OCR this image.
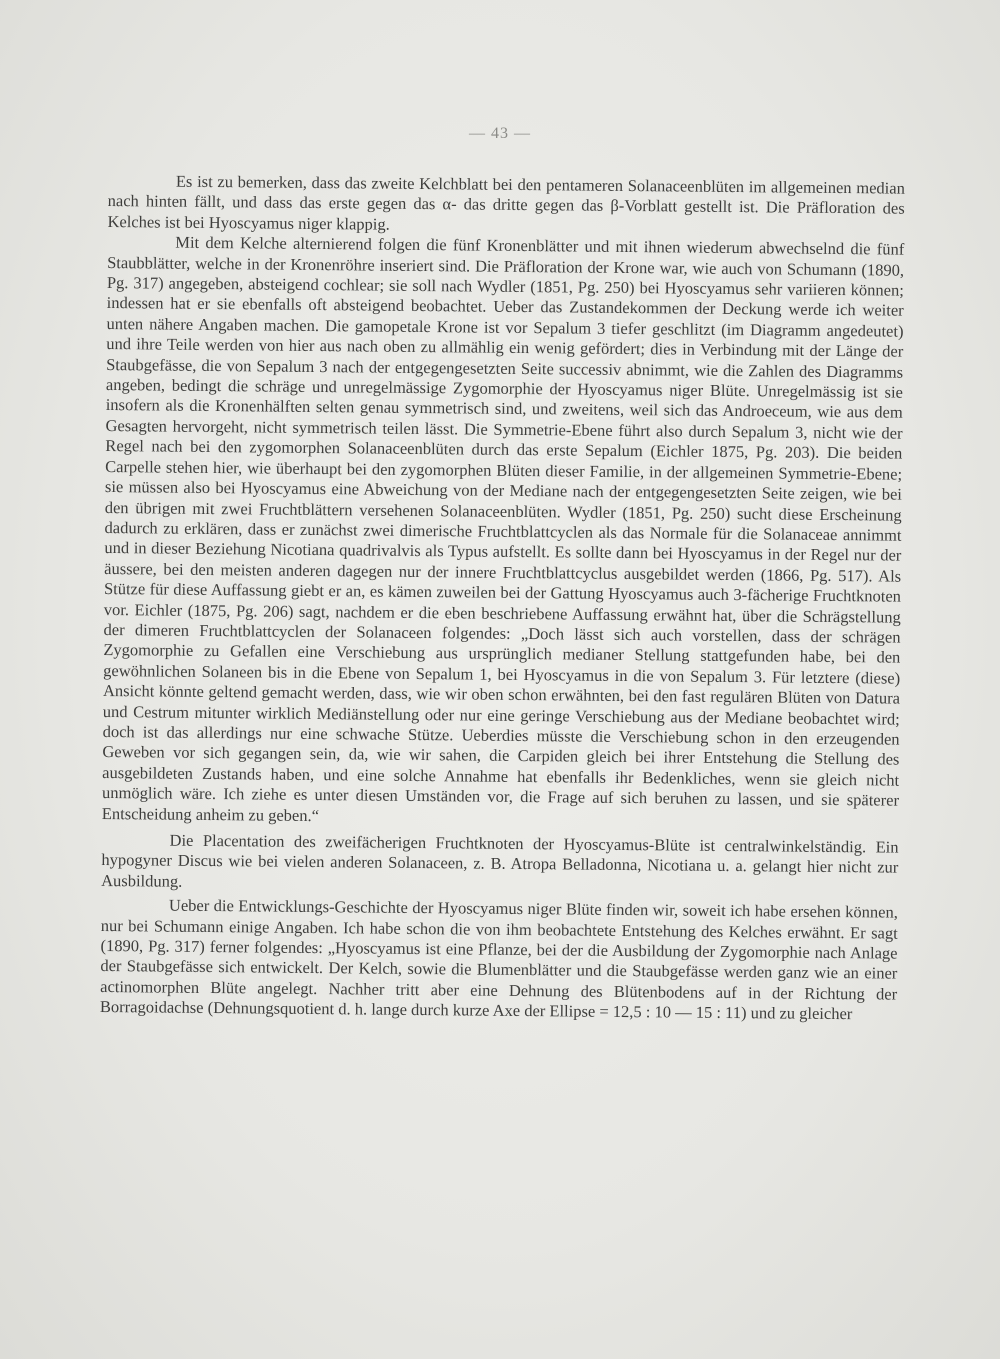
— 43 —

Es ist zu bemerken, dass das zweite Kelchblatt bei den pentameren Solanaceenblüten im allgemeinen median nach hinten fällt, und dass das erste gegen das α- das dritte gegen das β-Vorblatt gestellt ist. Die Präfloration des Kelches ist bei Hyoscyamus niger klappig.

Mit dem Kelche alternierend folgen die fünf Kronenblätter und mit ihnen wiederum abwechselnd die fünf Staubblätter, welche in der Kronenröhre inseriert sind. Die Präfloration der Krone war, wie auch von Schumann (1890, Pg. 317) angegeben, absteigend cochlear; sie soll nach Wydler (1851, Pg. 250) bei Hyoscyamus sehr variieren können; indessen hat er sie ebenfalls oft absteigend beobachtet. Ueber das Zustandekommen der Deckung werde ich weiter unten nähere Angaben machen. Die gamopetale Krone ist vor Sepalum 3 tiefer geschlitzt (im Diagramm angedeutet) und ihre Teile werden von hier aus nach oben zu allmählig ein wenig gefördert; dies in Verbindung mit der Länge der Staubgefässe, die von Sepalum 3 nach der entgegengesetzten Seite successiv abnimmt, wie die Zahlen des Diagramms angeben, bedingt die schräge und unregelmässige Zygomorphie der Hyoscyamus niger Blüte. Unregelmässig ist sie insofern als die Kronenhälften selten genau symmetrisch sind, und zweitens, weil sich das Androeceum, wie aus dem Gesagten hervorgeht, nicht symmetrisch teilen lässt. Die Symmetrie-Ebene führt also durch Sepalum 3, nicht wie der Regel nach bei den zygomorphen Solanaceenblüten durch das erste Sepalum (Eichler 1875, Pg. 203). Die beiden Carpelle stehen hier, wie überhaupt bei den zygomorphen Blüten dieser Familie, in der allgemeinen Symmetrie-Ebene; sie müssen also bei Hyoscyamus eine Abweichung von der Mediane nach der entgegengesetzten Seite zeigen, wie bei den übrigen mit zwei Fruchtblättern versehenen Solanaceenblüten. Wydler (1851, Pg. 250) sucht diese Erscheinung dadurch zu erklären, dass er zunächst zwei dimerische Fruchtblattcyclen als das Normale für die Solanaceae annimmt und in dieser Beziehung Nicotiana quadrivalvis als Typus aufstellt. Es sollte dann bei Hyoscyamus in der Regel nur der äussere, bei den meisten anderen dagegen nur der innere Fruchtblattcyclus ausgebildet werden (1866, Pg. 517). Als Stütze für diese Auffassung giebt er an, es kämen zuweilen bei der Gattung Hyoscyamus auch 3-fächerige Fruchtknoten vor. Eichler (1875, Pg. 206) sagt, nachdem er die eben beschriebene Auffassung erwähnt hat, über die Schrägstellung der dimeren Fruchtblattcyclen der Solanaceen folgendes: „Doch lässt sich auch vorstellen, dass der schrägen Zygomorphie zu Gefallen eine Verschiebung aus ursprünglich medianer Stellung stattgefunden habe, bei den gewöhnlichen Solaneen bis in die Ebene von Sepalum 1, bei Hyoscyamus in die von Sepalum 3. Für letztere (diese) Ansicht könnte geltend gemacht werden, dass, wie wir oben schon erwähnten, bei den fast regulären Blüten von Datura und Cestrum mitunter wirklich Mediänstellung oder nur eine geringe Verschiebung aus der Mediane beobachtet wird; doch ist das allerdings nur eine schwache Stütze. Ueberdies müsste die Verschiebung schon in den erzeugenden Geweben vor sich gegangen sein, da, wie wir sahen, die Carpiden gleich bei ihrer Entstehung die Stellung des ausgebildeten Zustands haben, und eine solche Annahme hat ebenfalls ihr Bedenkliches, wenn sie gleich nicht unmöglich wäre. Ich ziehe es unter diesen Umständen vor, die Frage auf sich beruhen zu lassen, und sie späterer Entscheidung anheim zu geben.“

Die Placentation des zweifächerigen Fruchtknoten der Hyoscyamus-Blüte ist centralwinkelständig. Ein hypogyner Discus wie bei vielen anderen Solanaceen, z. B. Atropa Belladonna, Nicotiana u. a. gelangt hier nicht zur Ausbildung.

Ueber die Entwicklungs-Geschichte der Hyoscyamus niger Blüte finden wir, soweit ich habe ersehen können, nur bei Schumann einige Angaben. Ich habe schon die von ihm beobachtete Entstehung des Kelches erwähnt. Er sagt (1890, Pg. 317) ferner folgendes: „Hyoscyamus ist eine Pflanze, bei der die Ausbildung der Zygomorphie nach Anlage der Staubgefässe sich entwickelt. Der Kelch, sowie die Blumenblätter und die Staubgefässe werden ganz wie an einer actinomorphen Blüte angelegt. Nachher tritt aber eine Dehnung des Blütenbodens auf in der Richtung der Borragoidachse (Dehnungsquotient d. h. lange durch kurze Axe der Ellipse = 12,5 : 10 — 15 : 11) und zu gleicher
